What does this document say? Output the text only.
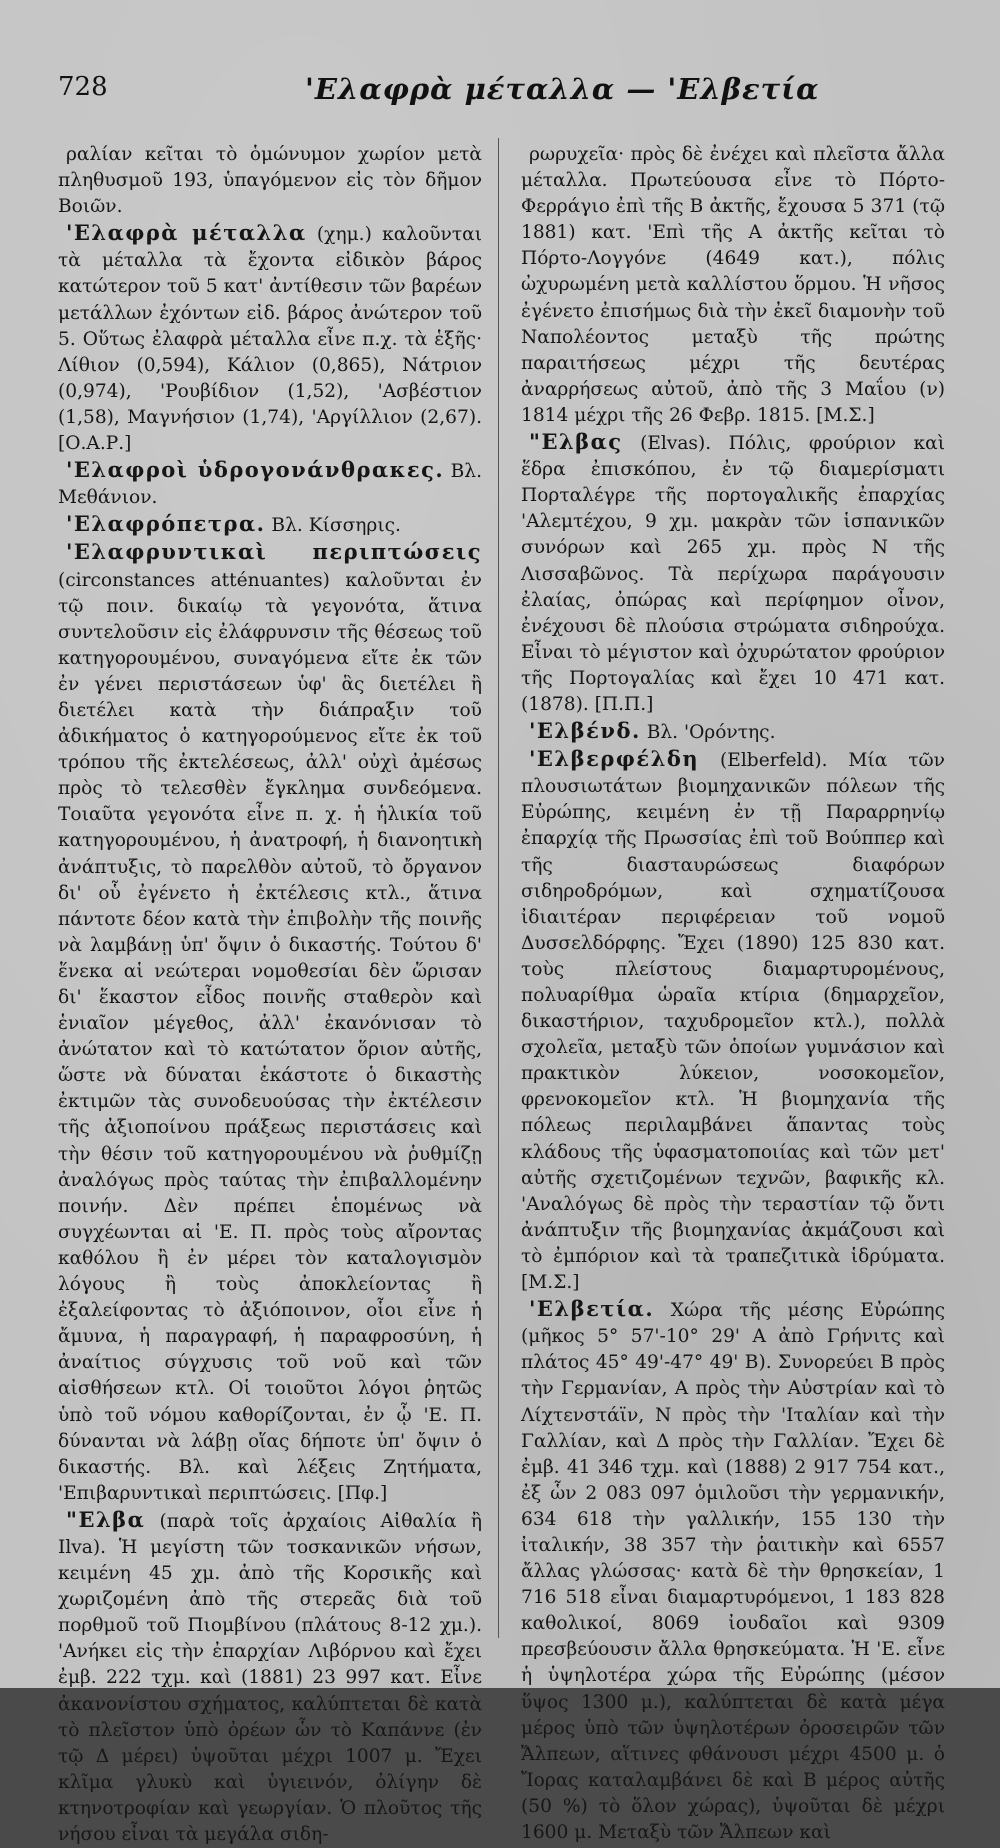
728	'Ελαφρὰ μέταλλα — 'Ελβετία

ραλίαν κεῖται τὸ ὁμώνυμον χωρίον μετὰ πληθυσμοῦ 193, ὑπαγόμενον εἰς τὸν δῆμον Βοιῶν.

'Ελαφρὰ μέταλλα (χημ.) καλοῦνται τὰ μέταλλα τὰ ἔχοντα εἰδικὸν βάρος κατώτερον τοῦ 5 κατ' ἀντίθεσιν τῶν βαρέων μετάλλων ἐχόντων εἰδ. βάρος ἀνώτερον τοῦ 5. Οὕτως ἐλαφρὰ μέταλλα εἶνε π.χ. τὰ ἑξῆς· Λίθιον (0,594), Κάλιον (0,865), Νάτριον (0,974), 'Ρουβίδιον (1,52), 'Ασβέστιον (1,58), Μαγνήσιον (1,74), 'Αργίλλιον (2,67). [Ο.Α.Ρ.]

'Ελαφροὶ ὑδρογονάνθρακες. Βλ. Μεθάνιον.

'Ελαφρόπετρα. Βλ. Κίσσηρις.

'Ελαφρυντικαὶ περιπτώσεις (circonstances atténuantes) καλοῦνται ἐν τῷ ποιν. δικαίῳ τὰ γεγονότα, ἅτινα συντελοῦσιν εἰς ἐλάφρυνσιν τῆς θέσεως τοῦ κατηγορουμένου, συναγόμενα εἴτε ἐκ τῶν ἐν γένει περιστάσεων ὑφ' ἃς διετέλει ἢ διετέλει κατὰ τὴν διάπραξιν τοῦ ἀδικήματος ὁ κατηγορούμενος εἴτε ἐκ τοῦ τρόπου τῆς ἐκτελέσεως, ἀλλ' οὐχὶ ἀμέσως πρὸς τὸ τελεσθὲν ἔγκλημα συνδεόμενα. Τοιαῦτα γεγονότα εἶνε π. χ. ἡ ἡλικία τοῦ κατηγορουμένου, ἡ ἀνατροφή, ἡ διανοητικὴ ἀνάπτυξις, τὸ παρελθὸν αὐτοῦ, τὸ ὄργανον δι' οὗ ἐγένετο ἡ ἐκτέλεσις κτλ., ἅτινα πάντοτε δέον κατὰ τὴν ἐπιβολὴν τῆς ποινῆς νὰ λαμβάνῃ ὑπ' ὄψιν ὁ δικαστής. Τούτου δ' ἕνεκα αἱ νεώτεραι νομοθεσίαι δὲν ὥρισαν δι' ἕκαστον εἶδος ποινῆς σταθερὸν καὶ ἑνιαῖον μέγεθος, ἀλλ' ἐκανόνισαν τὸ ἀνώτατον καὶ τὸ κατώτατον ὅριον αὐτῆς, ὥστε νὰ δύναται ἑκάστοτε ὁ δικαστὴς ἐκτιμῶν τὰς συνοδευούσας τὴν ἐκτέλεσιν τῆς ἀξιοποίνου πράξεως περιστάσεις καὶ τὴν θέσιν τοῦ κατηγορουμένου νὰ ῥυθμίζῃ ἀναλόγως πρὸς ταύτας τὴν ἐπιβαλλομένην ποινήν. Δὲν πρέπει ἑπομένως νὰ συγχέωνται αἱ 'Ε. Π. πρὸς τοὺς αἴροντας καθόλου ἢ ἐν μέρει τὸν καταλογισμὸν λόγους ἢ τοὺς ἀποκλείοντας ἢ ἐξαλείφοντας τὸ ἀξιόποινον, οἷοι εἶνε ἡ ἄμυνα, ἡ παραγραφή, ἡ παραφροσύνη, ἡ ἀναίτιος σύγχυσις τοῦ νοῦ καὶ τῶν αἰσθήσεων κτλ. Οἱ τοιοῦτοι λόγοι ῥητῶς ὑπὸ τοῦ νόμου καθορίζονται, ἐν ᾧ 'Ε. Π. δύνανται νὰ λάβῃ οἵας δήποτε ὑπ' ὄψιν ὁ δικαστής. Βλ. καὶ λέξεις Ζητήματα, 'Επιβαρυντικαὶ περιπτώσεις. [Πφ.]

"Ελβα (παρὰ τοῖς ἀρχαίοις Αἰθαλία ἢ Ilva). Ἡ μεγίστη τῶν τοσκανικῶν νήσων, κειμένη 45 χμ. ἀπὸ τῆς Κορσικῆς καὶ χωριζομένη ἀπὸ τῆς στερεᾶς διὰ τοῦ πορθμοῦ τοῦ Πιομβίνου (πλάτους 8-12 χμ.). 'Ανήκει εἰς τὴν ἐπαρχίαν Λιβόρνου καὶ ἔχει ἐμβ. 222 τχμ. καὶ (1881) 23 997 κατ. Εἶνε ἀκανονίστου σχήματος, καλύπτεται δὲ κατὰ τὸ πλεῖστον ὑπὸ ὀρέων ὧν τὸ Καπάννε (ἐν τῷ Δ μέρει) ὑψοῦται μέχρι 1007 μ. Ἔχει κλῖμα γλυκὺ καὶ ὑγιεινόν, ὀλίγην δὲ κτηνοτροφίαν καὶ γεωργίαν. Ὁ πλοῦτος τῆς νήσου εἶναι τὰ μεγάλα σιδη-

ρωρυχεῖα· πρὸς δὲ ἐνέχει καὶ πλεῖστα ἄλλα μέταλλα. Πρωτεύουσα εἶνε τὸ Πόρτο-Φερράγιο ἐπὶ τῆς Β ἀκτῆς, ἔχουσα 5 371 (τῷ 1881) κατ. 'Επὶ τῆς Α ἀκτῆς κεῖται τὸ Πόρτο-Λογγόνε (4649 κατ.), πόλις ὠχυρωμένη μετὰ καλλίστου ὅρμου. Ἡ νῆσος ἐγένετο ἐπισήμως διὰ τὴν ἐκεῖ διαμονὴν τοῦ Ναπολέοντος μεταξὺ τῆς πρώτης παραιτήσεως μέχρι τῆς δευτέρας ἀναρρήσεως αὐτοῦ, ἀπὸ τῆς 3 Μαΐου (ν) 1814 μέχρι τῆς 26 Φεβρ. 1815. [Μ.Σ.]

"Ελβας (Elvas). Πόλις, φρούριον καὶ ἕδρα ἐπισκόπου, ἐν τῷ διαμερίσματι Πορταλέγρε τῆς πορτογαλικῆς ἐπαρχίας 'Αλεμτέχου, 9 χμ. μακρὰν τῶν ἱσπανικῶν συνόρων καὶ 265 χμ. πρὸς Ν τῆς Λισσαβῶνος. Τὰ περίχωρα παράγουσιν ἐλαίας, ὀπώρας καὶ περίφημον οἶνον, ἐνέχουσι δὲ πλούσια στρώματα σιδηρούχα. Εἶναι τὸ μέγιστον καὶ ὀχυρώτατον φρούριον τῆς Πορτογαλίας καὶ ἔχει 10 471 κατ. (1878). [Π.Π.]

'Ελβένδ. Βλ. 'Ορόντης.

'Ελβερφέλδη (Elberfeld). Μία τῶν πλουσιωτάτων βιομηχανικῶν πόλεων τῆς Εὐρώπης, κειμένη ἐν τῇ Παραρρηνίῳ ἐπαρχίᾳ τῆς Πρωσσίας ἐπὶ τοῦ Βούππερ καὶ τῆς διασταυρώσεως διαφόρων σιδηροδρόμων, καὶ σχηματίζουσα ἰδιαιτέραν περιφέρειαν τοῦ νομοῦ Δυσσελδόρφης. Ἔχει (1890) 125 830 κατ. τοὺς πλείστους διαμαρτυρομένους, πολυαρίθμα ὡραῖα κτίρια (δημαρχεῖον, δικαστήριον, ταχυδρομεῖον κτλ.), πολλὰ σχολεῖα, μεταξὺ τῶν ὁποίων γυμνάσιον καὶ πρακτικὸν λύκειον, νοσοκομεῖον, φρενοκομεῖον κτλ. Ἡ βιομηχανία τῆς πόλεως περιλαμβάνει ἅπαντας τοὺς κλάδους τῆς ὑφασματοποιίας καὶ τῶν μετ' αὐτῆς σχετιζομένων τεχνῶν, βαφικῆς κλ. 'Αναλόγως δὲ πρὸς τὴν τεραστίαν τῷ ὄντι ἀνάπτυξιν τῆς βιομηχανίας ἀκμάζουσι καὶ τὸ ἐμπόριον καὶ τὰ τραπεζιτικὰ ἱδρύματα. [Μ.Σ.]

'Ελβετία. Χώρα τῆς μέσης Εὐρώπης (μῆκος 5° 57'-10° 29' Α ἀπὸ Γρήνιτς καὶ πλάτος 45° 49'-47° 49' Β). Συνορεύει Β πρὸς τὴν Γερμανίαν, Α πρὸς τὴν Αὐστρίαν καὶ τὸ Λίχτενστάϊν, Ν πρὸς τὴν 'Ιταλίαν καὶ τὴν Γαλλίαν, καὶ Δ πρὸς τὴν Γαλλίαν. Ἔχει δὲ ἐμβ. 41 346 τχμ. καὶ (1888) 2 917 754 κατ., ἐξ ὧν 2 083 097 ὁμιλοῦσι τὴν γερμανικήν, 634 618 τὴν γαλλικήν, 155 130 τὴν ἰταλικήν, 38 357 τὴν ῥαιτικὴν καὶ 6557 ἄλλας γλώσσας· κατὰ δὲ τὴν θρησκείαν, 1 716 518 εἶναι διαμαρτυρόμενοι, 1 183 828 καθολικοί, 8069 ἰουδαῖοι καὶ 9309 πρεσβεύουσιν ἄλλα θρησκεύματα. Ἡ 'Ε. εἶνε ἡ ὑψηλοτέρα χώρα τῆς Εὐρώπης (μέσον ὕψος 1300 μ.), καλύπτεται δὲ κατὰ μέγα μέρος ὑπὸ τῶν ὑψηλοτέρων ὀροσειρῶν τῶν Ἄλπεων, αἵτινες φθάνουσι μέχρι 4500 μ. ὁ Ἴορας καταλαμβάνει δὲ καὶ Β μέρος αὐτῆς (50 %) τὸ ὅλον χώρας), ὑψοῦται δὲ μέχρι 1600 μ. Μεταξὺ τῶν Ἄλπεων καὶ
